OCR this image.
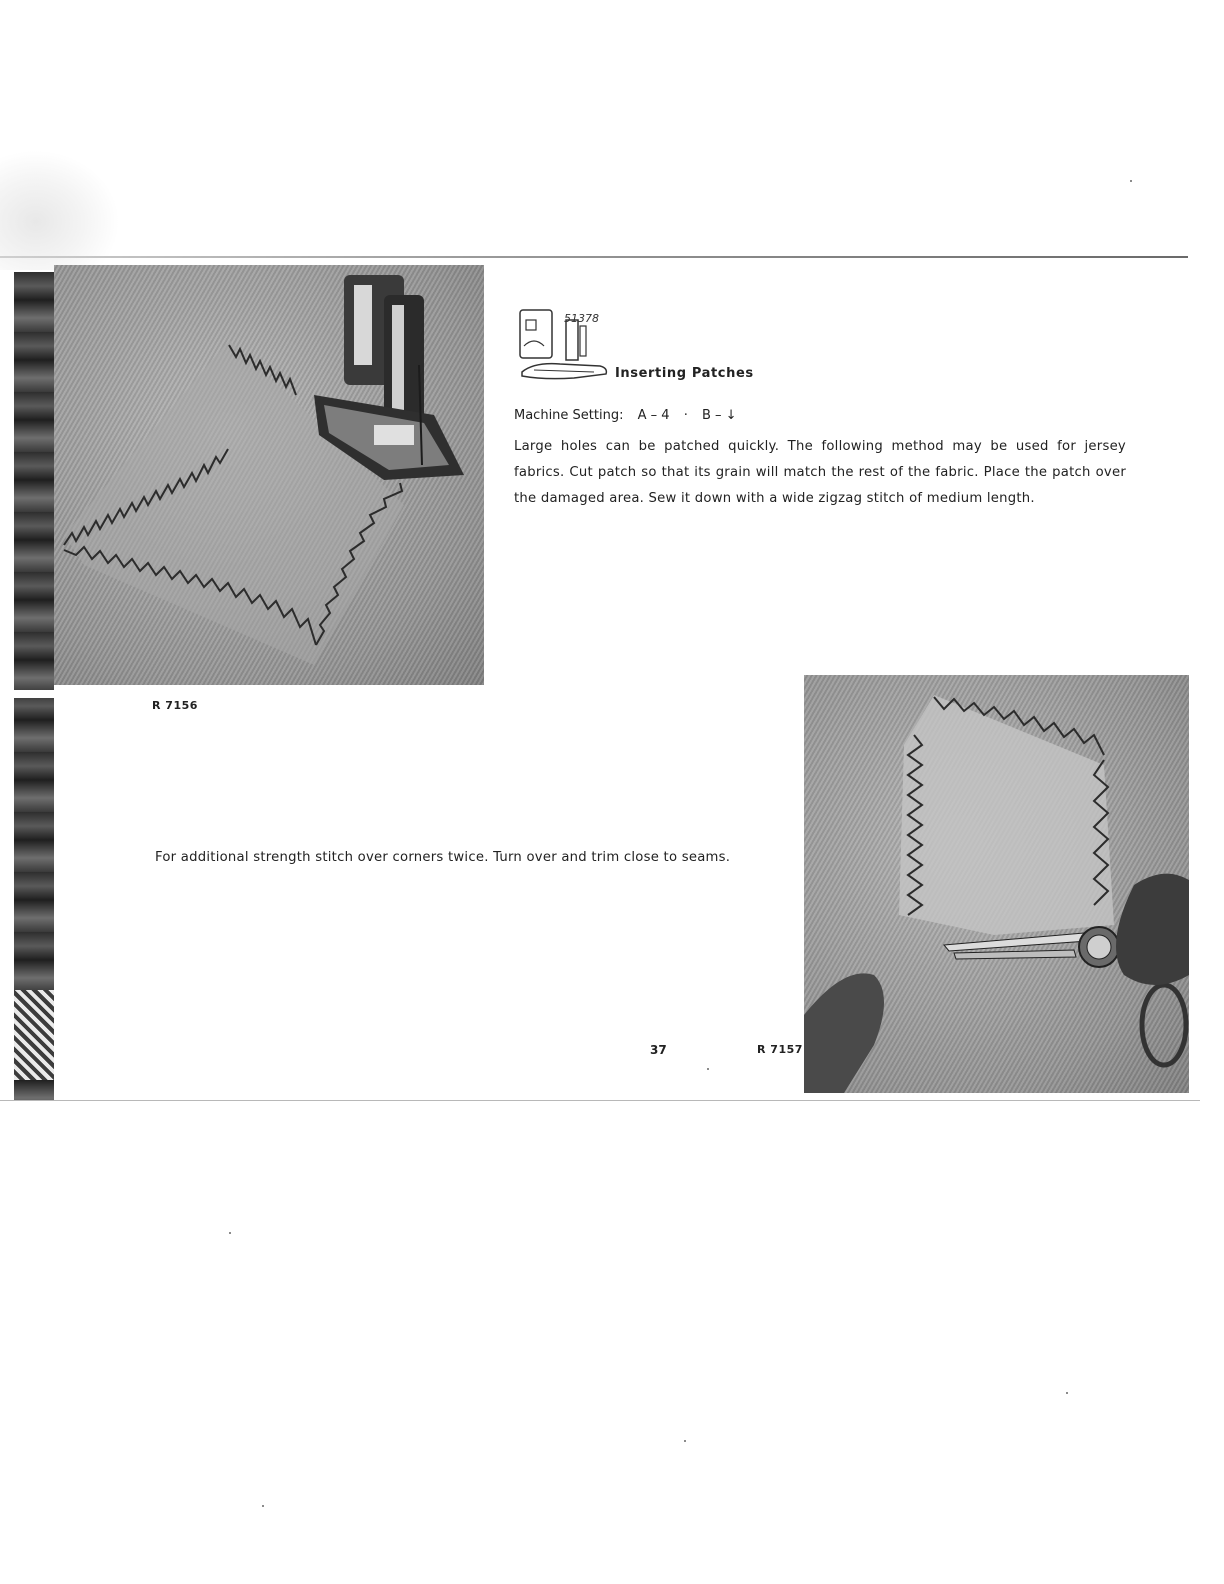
R 7156
51378
Inserting Patches
Machine Setting: A – 4 · B – ↓
Large holes can be patched quickly. The following method may be used for jersey fabrics. Cut patch so that its grain will match the rest of the fabric. Place the patch over the damaged area. Sew it down with a wide zigzag stitch of medium length.
For additional strength stitch over corners twice. Turn over and trim close to seams.
R 7157
37
